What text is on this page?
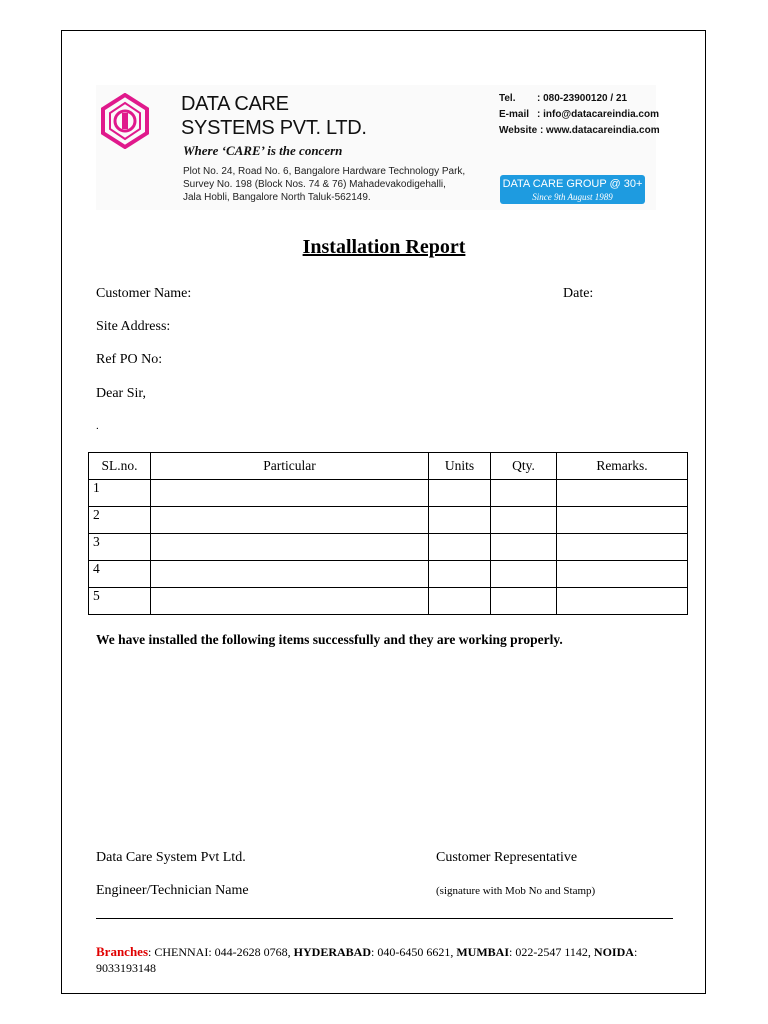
DATA CARE
SYSTEMS PVT. LTD.
Where ‘CARE’ is the concern
Plot No. 24, Road No. 6, Bangalore Hardware Technology Park,
Survey No. 198 (Block Nos. 74 & 76) Mahadevakodigehalli,
Jala Hobli, Bangalore North Taluk-562149.
Tel.	: 080-23900120 / 21
E-mail : info@datacareindia.com
Website
: www.datacareindia.com
DATA CARE GROUP @ 30+
Since 9th August 1989
Installation Report
Customer Name:	Date:
Site Address:
Ref PO No:
Dear Sir,
.
SL.no.	Particular	Units	Qty.	Remarks.
1				
2				
3				
4				
5				
We have installed the following items successfully and they are working properly.
Data Care System Pvt Ltd.	Customer Representative
Engineer/Technician Name	(signature with Mob No and Stamp)
Branches: CHENNAI: 044-2628 0768, HYDERABAD: 040-6450 6621, MUMBAI: 022-2547 1142, NOIDA:
9033193148
